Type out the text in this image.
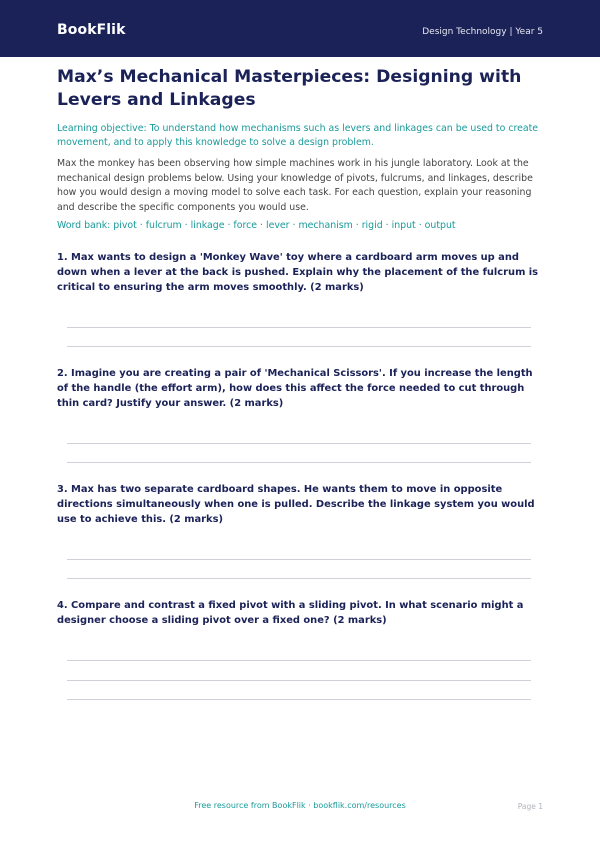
BookFlik	Design Technology | Year 5
Max’s Mechanical Masterpieces: Designing with Levers and Linkages

Learning objective: To understand how mechanisms such as levers and linkages can be used to create movement, and to apply this knowledge to solve a design problem.

Max the monkey has been observing how simple machines work in his jungle laboratory. Look at the mechanical design problems below. Using your knowledge of pivots, fulcrums, and linkages, describe how you would design a moving model to solve each task. For each question, explain your reasoning and describe the specific components you would use.

Word bank: pivot · fulcrum · linkage · force · lever · mechanism · rigid · input · output

1. Max wants to design a 'Monkey Wave' toy where a cardboard arm moves up and down when a lever at the back is pushed. Explain why the placement of the fulcrum is critical to ensuring the arm moves smoothly. (2 marks)

2. Imagine you are creating a pair of 'Mechanical Scissors'. If you increase the length of the handle (the effort arm), how does this affect the force needed to cut through thin card? Justify your answer. (2 marks)

3. Max has two separate cardboard shapes. He wants them to move in opposite directions simultaneously when one is pulled. Describe the linkage system you would use to achieve this. (2 marks)

4. Compare and contrast a fixed pivot with a sliding pivot. In what scenario might a designer choose a sliding pivot over a fixed one? (2 marks)

Free resource from BookFlik · bookflik.com/resources	Page 1
